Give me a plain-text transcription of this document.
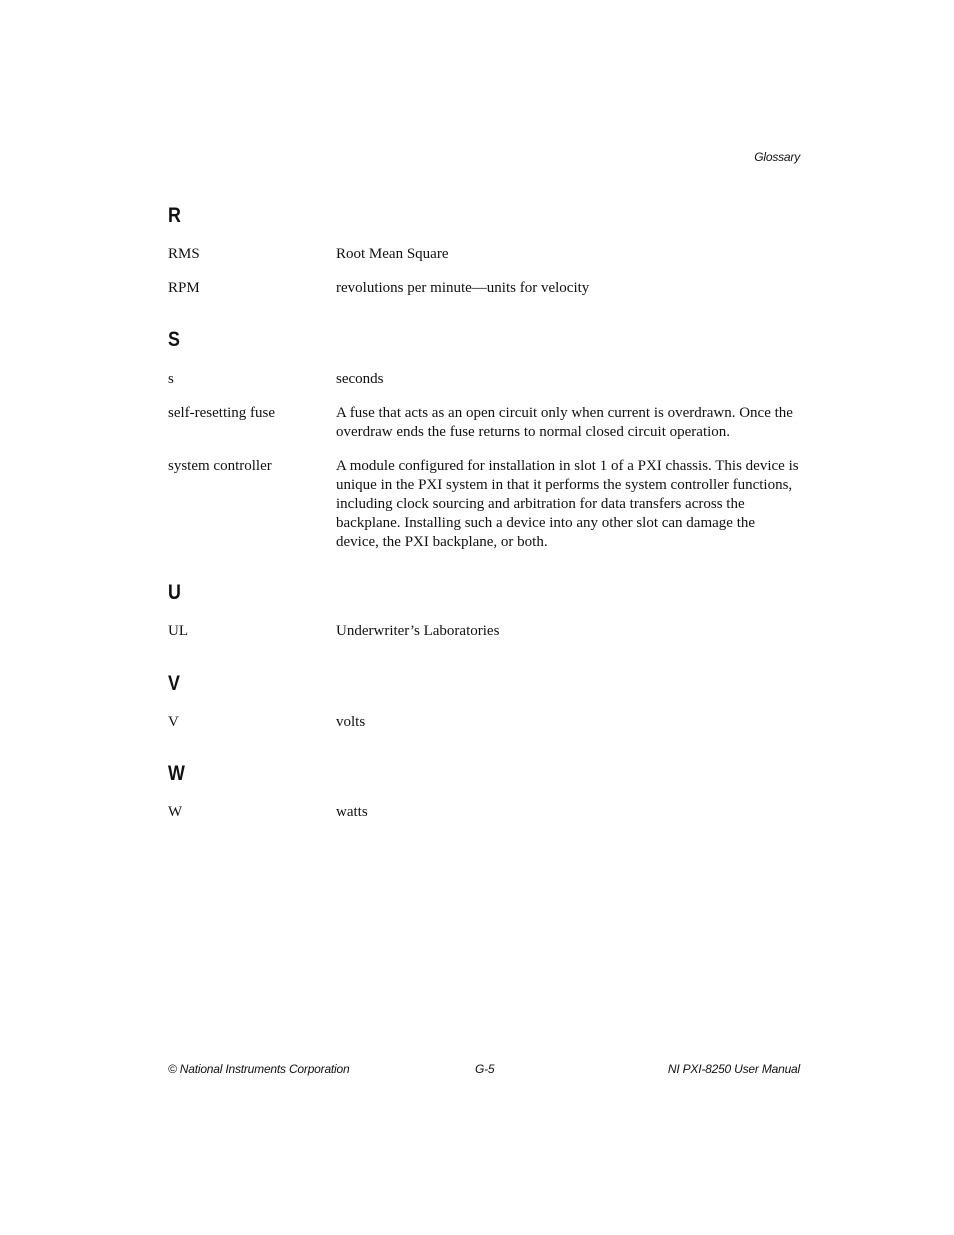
Glossary
R
RMS	Root Mean Square
RPM	revolutions per minute—units for velocity
S
s	seconds
self-resetting fuse	A fuse that acts as an open circuit only when current is overdrawn. Once the overdraw ends the fuse returns to normal closed circuit operation.
system controller	A module configured for installation in slot 1 of a PXI chassis. This device is unique in the PXI system in that it performs the system controller functions, including clock sourcing and arbitration for data transfers across the backplane. Installing such a device into any other slot can damage the device, the PXI backplane, or both.
U
UL	Underwriter’s Laboratories
V
V	volts
W
W	watts
© National Instruments Corporation	G-5	NI PXI-8250 User Manual
